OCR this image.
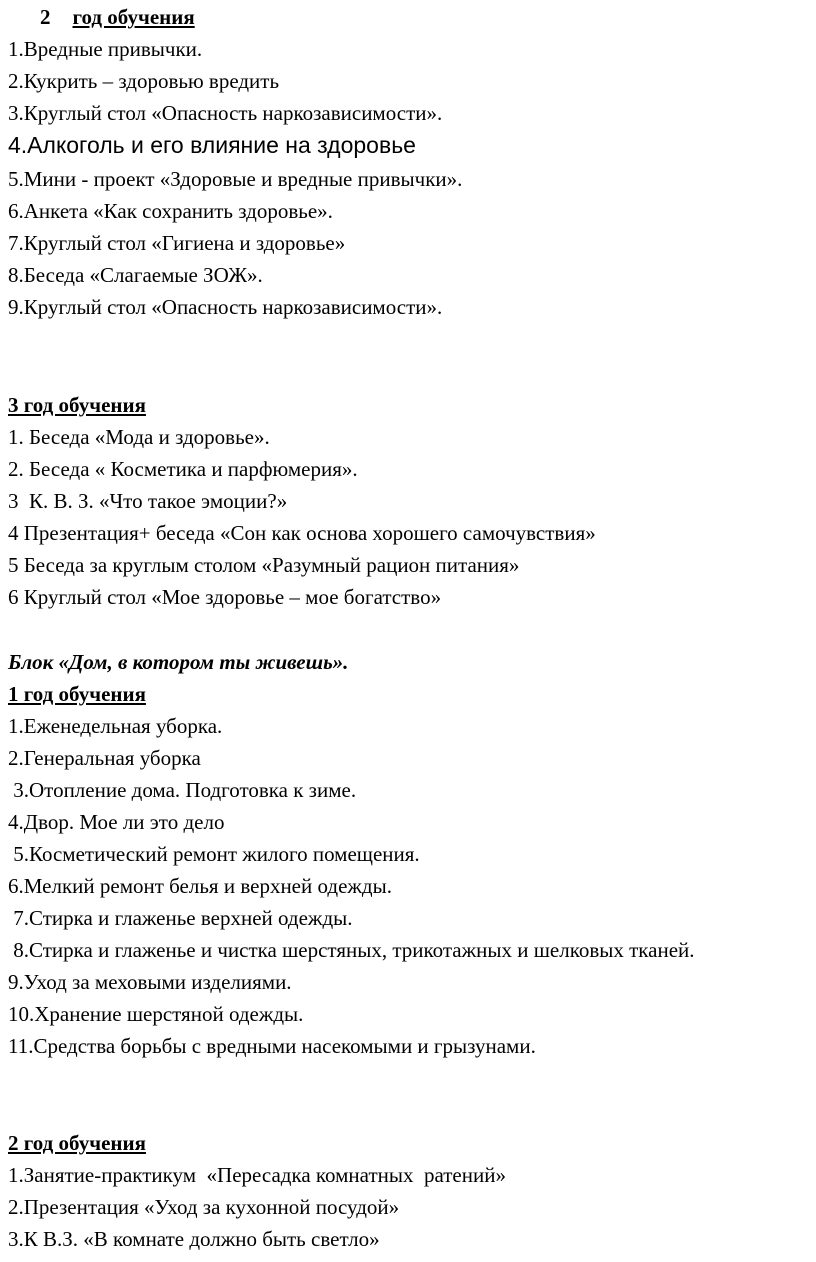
2 год обучения
1.Вредные привычки.
2.Кукрить – здоровью вредить
3.Круглый стол «Опасность наркозависимости».
4.Алкоголь и его влияние на здоровье
5.Мини - проект «Здоровые и вредные привычки».
6.Анкета «Как сохранить здоровье».
7.Круглый стол «Гигиена и здоровье»
8.Беседа «Слагаемые ЗОЖ».
9.Круглый стол «Опасность наркозависимости».
3 год обучения
1. Беседа «Мода и здоровье».
2. Беседа « Косметика и парфюмерия».
3  К. В. З. «Что такое эмоции?»
4 Презентация+ беседа «Сон как основа хорошего самочувствия»
5 Беседа за круглым столом «Разумный рацион питания»
6 Круглый стол «Мое здоровье – мое богатство»
Блок «Дом, в котором ты живешь».
1 год обучения
1.Еженедельная уборка.
2.Генеральная уборка
3.Отопление дома. Подготовка к зиме.
4.Двор. Мое ли это дело
5.Косметический ремонт жилого помещения.
6.Мелкий ремонт белья и верхней одежды.
7.Стирка и глаженье верхней одежды.
8.Стирка и глаженье и чистка шерстяных, трикотажных и шелковых тканей.
9.Уход за меховыми изделиями.
10.Хранение шерстяной одежды.
11.Средства борьбы с вредными насекомыми и грызунами.
2 год обучения
1.Занятие-практикум  «Пересадка комнатных  ратений»
2.Презентация «Уход за кухонной посудой»
3.К В.З. «В комнате должно быть светло»
